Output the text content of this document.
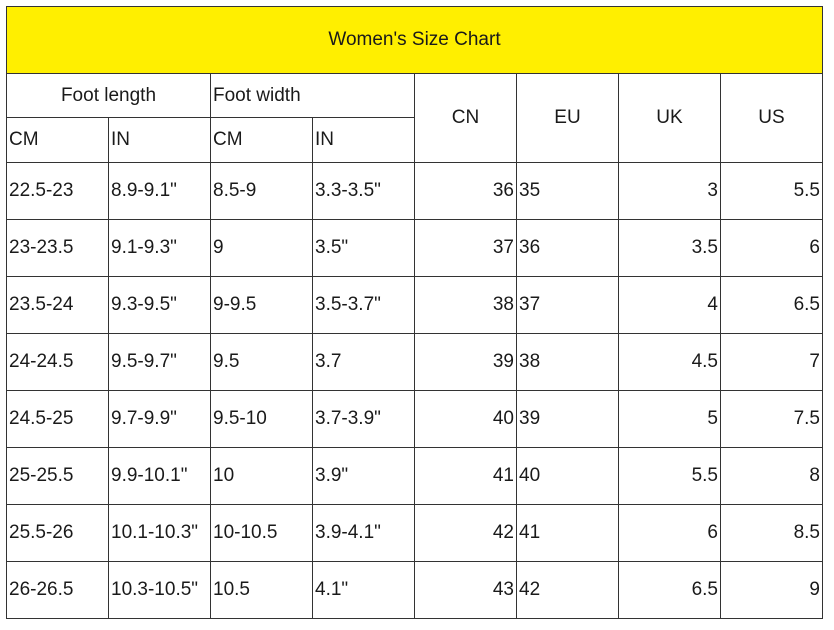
Women's Size Chart							
Foot length		Foot width		CN	EU	UK	US
CM	IN	CM	IN				
22.5-23	8.9-9.1"	8.5-9	3.3-3.5"	36	35	3	5.5
23-23.5	9.1-9.3"	9	3.5"	37	36	3.5	6
23.5-24	9.3-9.5"	9-9.5	3.5-3.7"	38	37	4	6.5
24-24.5	9.5-9.7"	9.5	3.7	39	38	4.5	7
24.5-25	9.7-9.9"	9.5-10	3.7-3.9"	40	39	5	7.5
25-25.5	9.9-10.1"	10	3.9"	41	40	5.5	8
25.5-26	10.1-10.3"	10-10.5	3.9-4.1"	42	41	6	8.5
26-26.5	10.3-10.5"	10.5	4.1"	43	42	6.5	9
